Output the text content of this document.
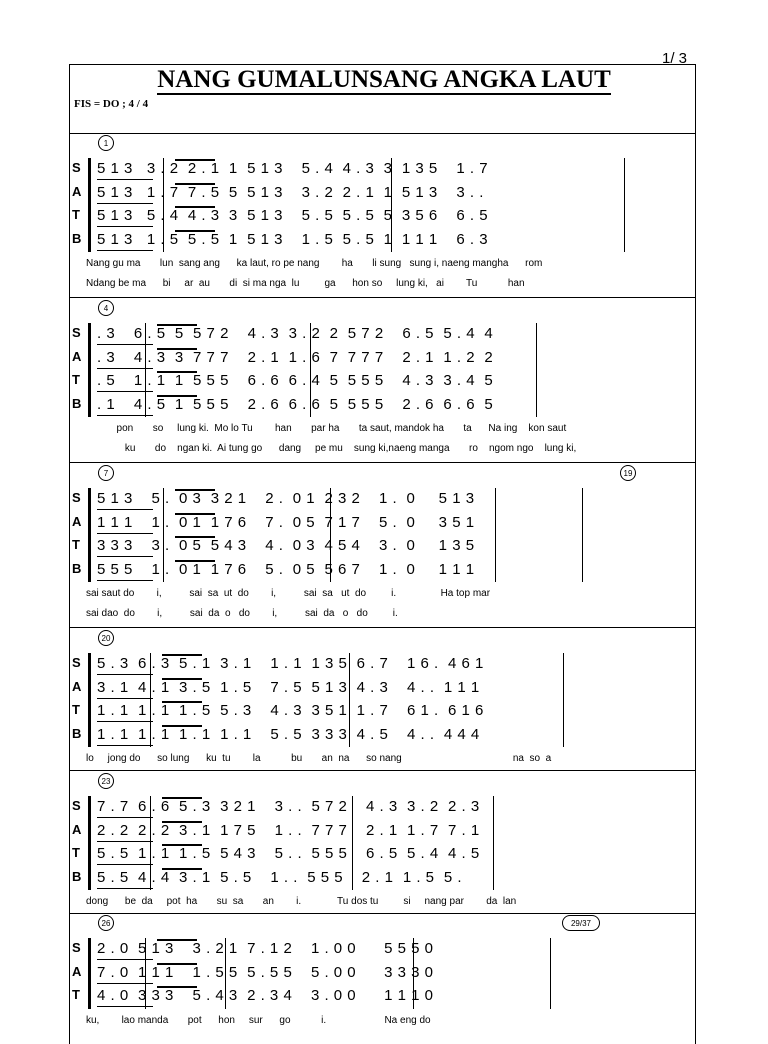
1/ 3
NANG GUMALUNSANG ANGKA LAUT
FIS = DO ; 4 / 4
1
S 5 1 3   3 . 2  2 . 1  1  5 1 3    5 . 4  4 . 3  3  1 3 5    1 . 7
A 5 1 3   1 . 7  7 . 5  5  5 1 3    3 . 2  2 . 1  1  5 1 3    3 . .
T 5 1 3   5 . 4  4 . 3  3  5 1 3    5 . 5  5 . 5  5  3 5 6    6 . 5
B 5 1 3   1 . 5  5 . 5  1  5 1 3    1 . 5  5 . 5  1  1 1 1    6 . 3
Nang gu ma       lun  sang ang      ka laut, ro pe nang        ha       li sung   sung i, naeng mangha      rom
Ndang be ma      bi     ar  au       di  si ma nga  lu         ga      hon so     lung ki,   ai        Tu           han
4
S . 3    6 . 5  5  5 7 2    4 . 3  3 . 2  2  5 7 2    6 . 5  5 . 4  4
A . 3    4 . 3  3  7 7 7    2 . 1  1 . 6  7  7 7 7    2 . 1  1 . 2  2
T . 5    1 . 1  1  5 5 5    6 . 6  6 . 4  5  5 5 5    4 . 3  3 . 4  5
B . 1    4 . 5  1  5 5 5    2 . 6  6 . 6  5  5 5 5    2 . 6  6 . 6  5
pon       so     lung ki.  Mo lo Tu        han       par ha       ta saut, mandok ha       ta      Na ing    kon saut
ku       do    ngan ki.  Ai tung go      dang     pe mu    sung ki,naeng manga       ro    ngom ngo    lung ki,
7	19
S 5 1 3    5 .  0 3  3 2 1    2 .  0 1  2 3 2    1 .  0     5 1 3
A 1 1 1    1 .  0 1  1 7 6    7 .  0 5  7 1 7    5 .  0     3 5 1
T 3 3 3    3 .  0 5  5 4 3    4 .  0 3  4 5 4    3 .  0     1 3 5
B 5 5 5    1 .  0 1  1 7 6    5 .  0 5  5 6 7    1 .  0     1 1 1
sai saut do        i,          sai  sa  ut  do        i,          sai  sa   ut  do         i.                Ha top mar
sai dao  do        i,          sai  da  o   do        i,          sai  da   o   do         i.
20
S 5 . 3  6 . 3  5 . 1  3 . 1    1 . 1  1 3 5  6 . 7    1 6 .  4 6 1
A 3 . 1  4 . 1  3 . 5  1 . 5    7 . 5  5 1 3  4 . 3    4 . .  1 1 1
T 1 . 1  1 . 1  1 . 5  5 . 3    4 . 3  3 5 1  1 . 7    6 1 .  6 1 6
B 1 . 1  1 . 1  1 . 1  1 . 1    5 . 5  3 3 3  4 . 5    4 . .  4 4 4
lo     jong do      so lung      ku  tu        la           bu       an  na      so nang                                        na  so  a
23
S 7 . 7  6 . 6  5 . 3  3 2 1    3 . .  5 7 2    4 . 3  3 . 2  2 . 3
A 2 . 2  2 . 2  3 . 1  1 7 5    1 . .  7 7 7    2 . 1  1 . 7  7 . 1
T 5 . 5  1 . 1  1 . 5  5 4 3    5 . .  5 5 5    6 . 5  5 . 4  4 . 5
B 5 . 5  4 . 4  3 . 1  5 . 5    1 . .  5 5 5    2 . 1  1 . 5  5 .
dong      be  da     pot  ha       su  sa       an        i.             Tu dos tu         si     nang par        da  lan
26	29/37
S 2 . 0  5 1 3    3 . 2 1  7 . 1 2    1 . 0 0      5 5 5 0
A 7 . 0  1 1 1    1 . 5 5  5 . 5 5    5 . 0 0      3 3 3 0
T 4 . 0  3 3 3    5 . 4 3  2 . 3 4    3 . 0 0      1 1 1 0
ku,        lao manda       pot      hon     sur      go           i.                     Na eng do
